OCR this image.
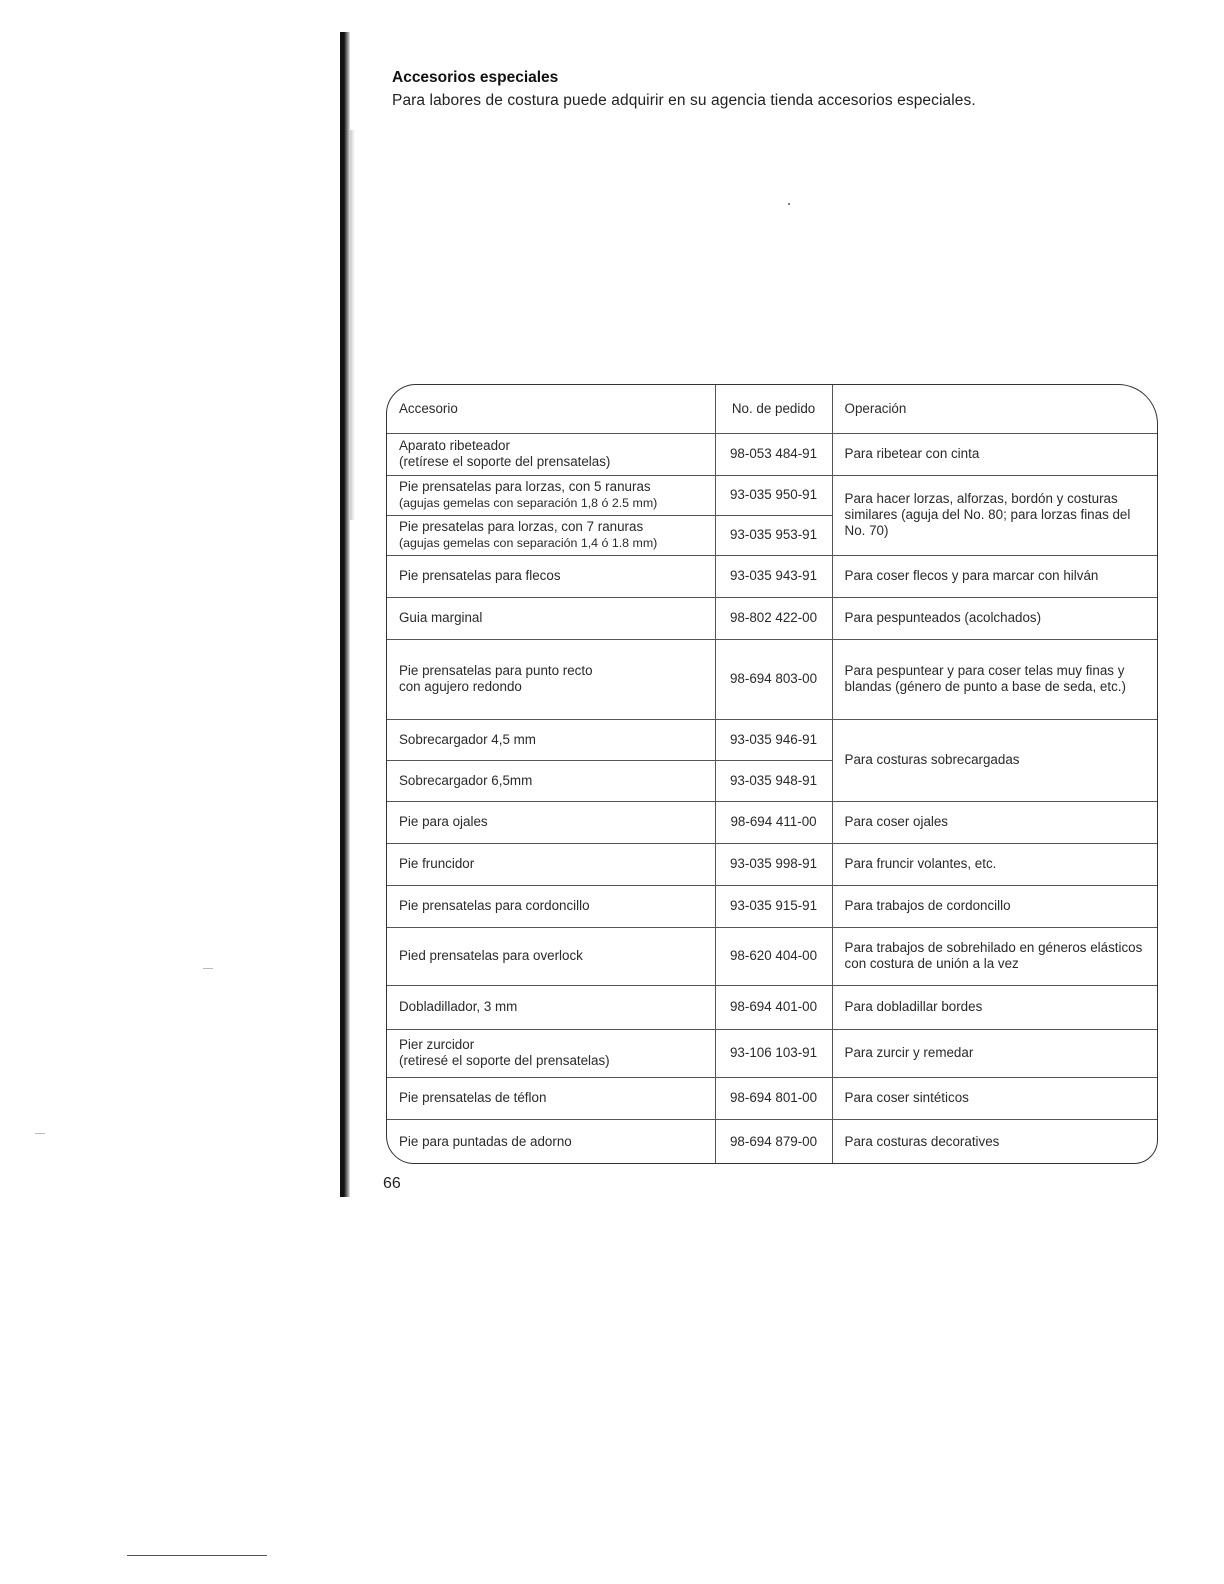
Accesorios especiales

Para labores de costura puede adquirir en su agencia tienda accesorios especiales.

Accesorio	No. de pedido	Operación

Aparato ribeteador
(retírese el soporte del prensatelas)	98-053 484-91	Para ribetear con cinta

Pie prensatelas para lorzas, con 5 ranuras
(agujas gemelas con separación 1,8 ó 2.5 mm)	93-035 950-91	Para hacer lorzas, alforzas, bordón y costuras similares (aguja del No. 80; para lorzas finas del No. 70)

Pie presatelas para lorzas, con 7 ranuras
(agujas gemelas con separación 1,4 ó 1.8 mm)	93-035 953-91	
Pie prensatelas para flecos	93-035 943-91	Para coser flecos y para marcar con hilván
Guia marginal	98-802 422-00	Para pespunteados (acolchados)

Pie prensatelas para punto recto
con agujero redondo	98-694 803-00	Para pespuntear y para coser telas muy finas y blandas (género de punto a base de seda, etc.)
Sobrecargador 4,5 mm	93-035 946-91	Para costuras sobrecargadas
Sobrecargador 6,5mm	93-035 948-91	
Pie para ojales	98-694 411-00	Para coser ojales
Pie fruncidor	93-035 998-91	Para fruncir volantes, etc.
Pie prensatelas para cordoncillo	93-035 915-91	Para trabajos de cordoncillo
Pied prensatelas para overlock	98-620 404-00	Para trabajos de sobrehilado en géneros elásticos con costura de unión a la vez
Dobladillador, 3 mm	98-694 401-00	Para dobladillar bordes

Pier zurcidor
(retiresé el soporte del prensatelas)	93-106 103-91	Para zurcir y remedar
Pie prensatelas de téflon	98-694 801-00	Para coser sintéticos
Pie para puntadas de adorno	98-694 879-00	Para costuras decoratives
66
